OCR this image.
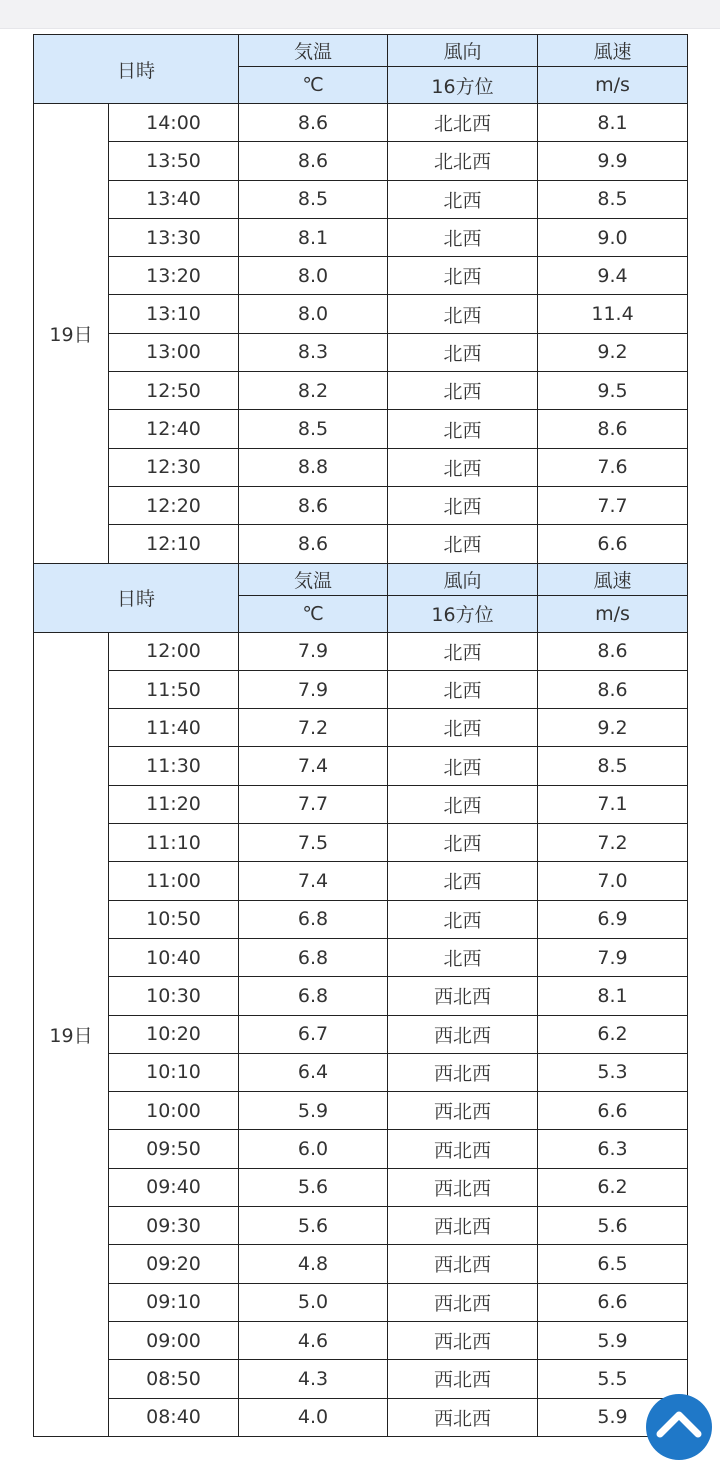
日時		気温	風向	風速
		℃	16方位	m/s
19日	14:00	8.6	北北西	8.1
	13:50	8.6	北北西	9.9
	13:40	8.5	北西	8.5
	13:30	8.1	北西	9.0
	13:20	8.0	北西	9.4
	13:10	8.0	北西	11.4
	13:00	8.3	北西	9.2
	12:50	8.2	北西	9.5
	12:40	8.5	北西	8.6
	12:30	8.8	北西	7.6
	12:20	8.6	北西	7.7
	12:10	8.6	北西	6.6
日時		気温	風向	風速
		℃	16方位	m/s
19日	12:00	7.9	北西	8.6
	11:50	7.9	北西	8.6
	11:40	7.2	北西	9.2
	11:30	7.4	北西	8.5
	11:20	7.7	北西	7.1
	11:10	7.5	北西	7.2
	11:00	7.4	北西	7.0
	10:50	6.8	北西	6.9
	10:40	6.8	北西	7.9
	10:30	6.8	西北西	8.1
	10:20	6.7	西北西	6.2
	10:10	6.4	西北西	5.3
	10:00	5.9	西北西	6.6
	09:50	6.0	西北西	6.3
	09:40	5.6	西北西	6.2
	09:30	5.6	西北西	5.6
	09:20	4.8	西北西	6.5
	09:10	5.0	西北西	6.6
	09:00	4.6	西北西	5.9
	08:50	4.3	西北西	5.5
	08:40	4.0	西北西	5.9
